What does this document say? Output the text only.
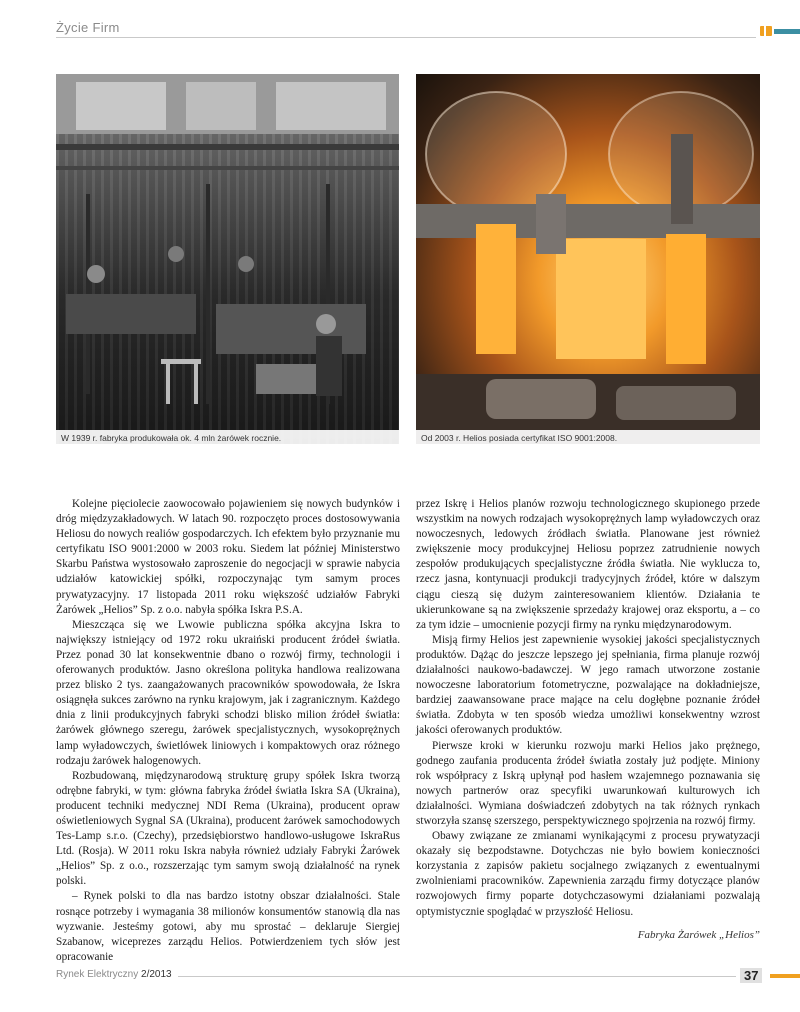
Życie Firm
W 1939 r. fabryka produkowała ok. 4 mln żarówek rocznie.	Od 2003 r. Helios posiada certyfikat ISO 9001:2008.

Kolejne pięciolecie zaowocowało pojawieniem się nowych budynków i dróg międzyzakładowych. W latach 90. rozpoczęto proces dostosowywania Heliosu do nowych realiów gospodarczych. Ich efektem było przyznanie mu certyfikatu ISO 9001:2000 w 2003 roku. Siedem lat później Ministerstwo Skarbu Państwa wystosowało zaproszenie do negocjacji w sprawie nabycia udziałów katowickiej spółki, rozpoczynając tym samym proces prywatyzacyjny. 17 listopada 2011 roku większość udziałów Fabryki Żarówek „Helios” Sp. z o.o. nabyła spółka Iskra P.S.A.

Mieszcząca się we Lwowie publiczna spółka akcyjna Iskra to największy istniejący od 1972 roku ukraiński producent źródeł światła. Przez ponad 30 lat konsekwentnie dbano o rozwój firmy, technologii i oferowanych produktów. Jasno określona polityka handlowa realizowana przez blisko 2 tys. zaangażowanych pracowników spowodowała, że Iskra osiągnęła sukces zarówno na rynku krajowym, jak i zagranicznym. Każdego dnia z linii produkcyjnych fabryki schodzi blisko milion źródeł światła: żarówek głównego szeregu, żarówek specjalistycznych, wysokoprężnych lamp wyładowczych, świetlówek liniowych i kompaktowych oraz różnego rodzaju żarówek halogenowych.

Rozbudowaną, międzynarodową strukturę grupy spółek Iskra tworzą odrębne fabryki, w tym: główna fabryka źródeł światła Iskra SA (Ukraina), producent techniki medycznej NDI Rema (Ukraina), producent opraw oświetleniowych Sygnal SA (Ukraina), producent żarówek samochodowych Tes-Lamp s.r.o. (Czechy), przedsiębiorstwo handlowo-usługowe IskraRus Ltd. (Rosja). W 2011 roku Iskra nabyła również udziały Fabryki Żarówek „Helios” Sp. z o.o., rozszerzając tym samym swoją działalność na rynek polski.

– Rynek polski to dla nas bardzo istotny obszar działalności. Stale rosnące potrzeby i wymagania 38 milionów konsumentów stanowią dla nas wyzwanie. Jesteśmy gotowi, aby mu sprostać – deklaruje Siergiej Szabanow, wiceprezes zarządu Helios. Potwierdzeniem tych słów jest opracowanie

przez Iskrę i Helios planów rozwoju technologicznego skupionego przede wszystkim na nowych rodzajach wysokoprężnych lamp wyładowczych oraz nowoczesnych, ledowych źródłach światła. Planowane jest również zwiększenie mocy produkcyjnej Heliosu poprzez zatrudnienie nowych zespołów produkujących specjalistyczne źródła światła. Nie wyklucza to, rzecz jasna, kontynuacji produkcji tradycyjnych źródeł, które w dalszym ciągu cieszą się dużym zainteresowaniem klientów. Działania te ukierunkowane są na zwiększenie sprzedaży krajowej oraz eksportu, a – co za tym idzie – umocnienie pozycji firmy na rynku międzynarodowym.

Misją firmy Helios jest zapewnienie wysokiej jakości specjalistycznych produktów. Dążąc do jeszcze lepszego jej spełniania, firma planuje rozwój działalności naukowo-badawczej. W jego ramach utworzone zostanie nowoczesne laboratorium fotometryczne, pozwalające na dokładniejsze, bardziej zaawansowane prace mające na celu dogłębne poznanie źródeł światła. Zdobyta w ten sposób wiedza umożliwi konsekwentny wzrost jakości oferowanych produktów.

Pierwsze kroki w kierunku rozwoju marki Helios jako prężnego, godnego zaufania producenta źródeł światła zostały już podjęte. Miniony rok współpracy z Iskrą upłynął pod hasłem wzajemnego poznawania się nowych partnerów oraz specyfiki uwarunkowań kulturowych ich działalności. Wymiana doświadczeń zdobytych na tak różnych rynkach stworzyła szansę szerszego, perspektywicznego spojrzenia na rozwój firmy.

Obawy związane ze zmianami wynikającymi z procesu prywatyzacji okazały się bezpodstawne. Dotychczas nie było bowiem konieczności korzystania z zapisów pakietu socjalnego związanych z ewentualnymi zwolnieniami pracowników. Zapewnienia zarządu firmy dotyczące planów rozwojowych firmy poparte dotychczasowymi działaniami pozwalają optymistycznie spoglądać w przyszłość Heliosu.

Fabryka Żarówek „Helios”
Rynek Elektryczny 2/2013	37
